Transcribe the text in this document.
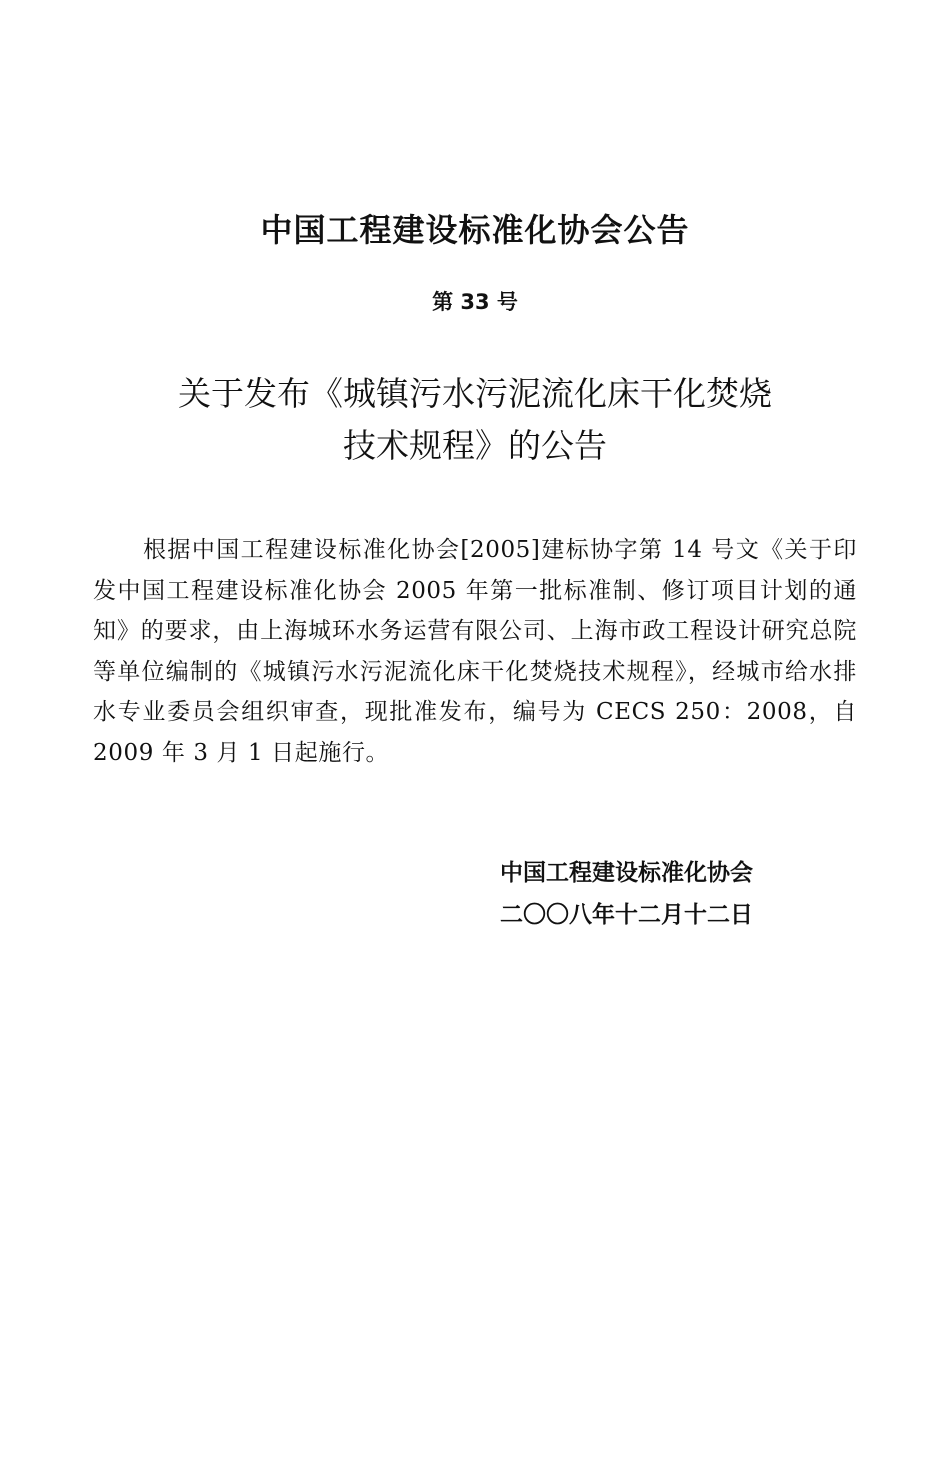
中国工程建设标准化协会公告
第 33 号
关于发布《城镇污水污泥流化床干化焚烧
技术规程》的公告

根据中国工程建设标准化协会[2005]建标协字第 14 号文《关于印发中国工程建设标准化协会 2005 年第一批标准制、修订项目计划的通知》的要求，由上海城环水务运营有限公司、上海市政工程设计研究总院等单位编制的《城镇污水污泥流化床干化焚烧技术规程》，经城市给水排水专业委员会组织审查，现批准发布，编号为 CECS 250：2008，自 2009 年 3 月 1 日起施行。

中国工程建设标准化协会
二〇〇八年十二月十二日
